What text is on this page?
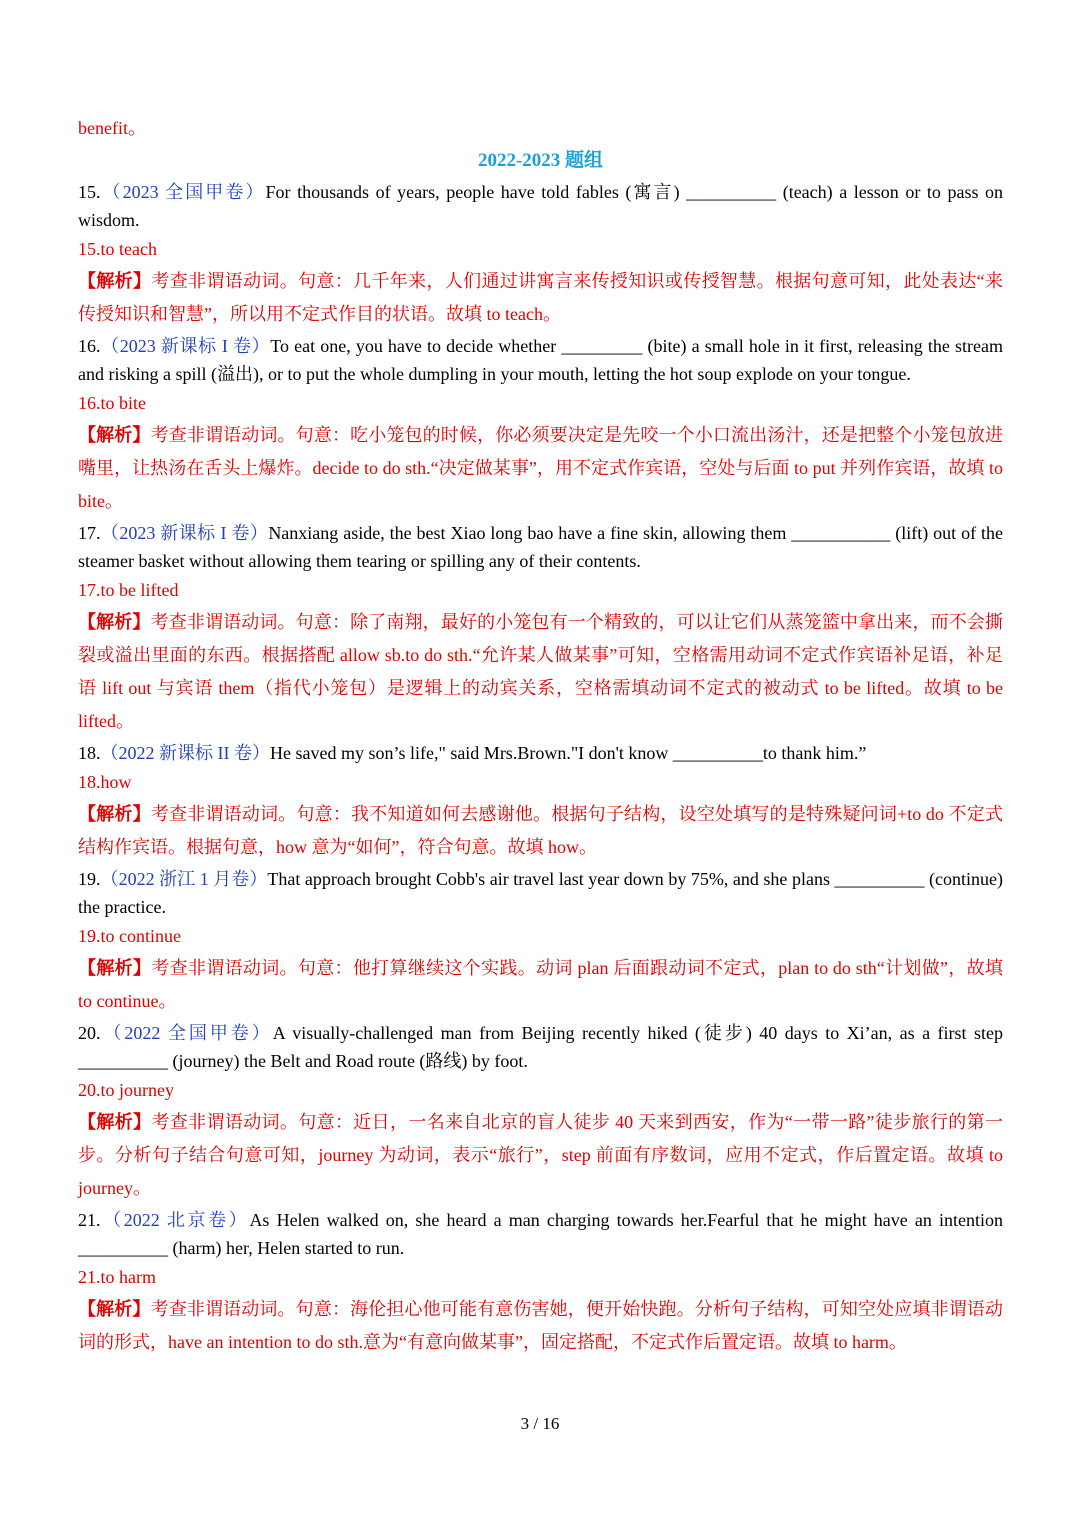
benefit。
2022-2023 题组
15.（2023 全国甲卷）For thousands of years, people have told fables (寓言) __________ (teach) a lesson or to pass on wisdom.
15.to teach
【解析】考查非谓语动词。句意：几千年来，人们通过讲寓言来传授知识或传授智慧。根据句意可知，此处表达“来传授知识和智慧”，所以用不定式作目的状语。故填 to teach。
16.（2023 新课标 I 卷）To eat one, you have to decide whether _________ (bite) a small hole in it first, releasing the stream and risking a spill (溢出), or to put the whole dumpling in your mouth, letting the hot soup explode on your tongue.
16.to bite
【解析】考查非谓语动词。句意：吃小笼包的时候，你必须要决定是先咬一个小口流出汤汁，还是把整个小笼包放进嘴里，让热汤在舌头上爆炸。decide to do sth.“决定做某事”，用不定式作宾语，空处与后面 to put 并列作宾语，故填 to bite。
17.（2023 新课标 I 卷）Nanxiang aside, the best Xiao long bao have a fine skin, allowing them ___________ (lift) out of the steamer basket without allowing them tearing or spilling any of their contents.
17.to be lifted
【解析】考查非谓语动词。句意：除了南翔，最好的小笼包有一个精致的，可以让它们从蒸笼篮中拿出来，而不会撕裂或溢出里面的东西。根据搭配 allow sb.to do sth.“允许某人做某事”可知，空格需用动词不定式作宾语补足语，补足语 lift out 与宾语 them（指代小笼包）是逻辑上的动宾关系，空格需填动词不定式的被动式 to be lifted。故填 to be lifted。
18.（2022 新课标 II 卷）He saved my son’s life," said Mrs.Brown."I don't know __________to thank him.”
18.how
【解析】考查非谓语动词。句意：我不知道如何去感谢他。根据句子结构，设空处填写的是特殊疑问词+to do 不定式结构作宾语。根据句意，how 意为“如何”，符合句意。故填 how。
19.（2022 浙江 1 月卷）That approach brought Cobb's air travel last year down by 75%, and she plans __________ (continue) the practice.
19.to continue
【解析】考查非谓语动词。句意：他打算继续这个实践。动词 plan 后面跟动词不定式，plan to do sth“计划做”，故填 to continue。
20.（2022 全国甲卷）A visually-challenged man from Beijing recently hiked (徒步) 40 days to Xi’an, as a first step __________ (journey) the Belt and Road route (路线) by foot.
20.to journey
【解析】考查非谓语动词。句意：近日，一名来自北京的盲人徒步 40 天来到西安，作为“一带一路”徒步旅行的第一步。分析句子结合句意可知，journey 为动词，表示“旅行”，step 前面有序数词，应用不定式，作后置定语。故填 to journey。
21.（2022 北京卷）As Helen walked on, she heard a man charging towards her.Fearful that he might have an intention __________ (harm) her, Helen started to run.
21.to harm
【解析】考查非谓语动词。句意：海伦担心他可能有意伤害她，便开始快跑。分析句子结构，可知空处应填非谓语动词的形式，have an intention to do sth.意为“有意向做某事”，固定搭配，不定式作后置定语。故填 to harm。
3 / 16
